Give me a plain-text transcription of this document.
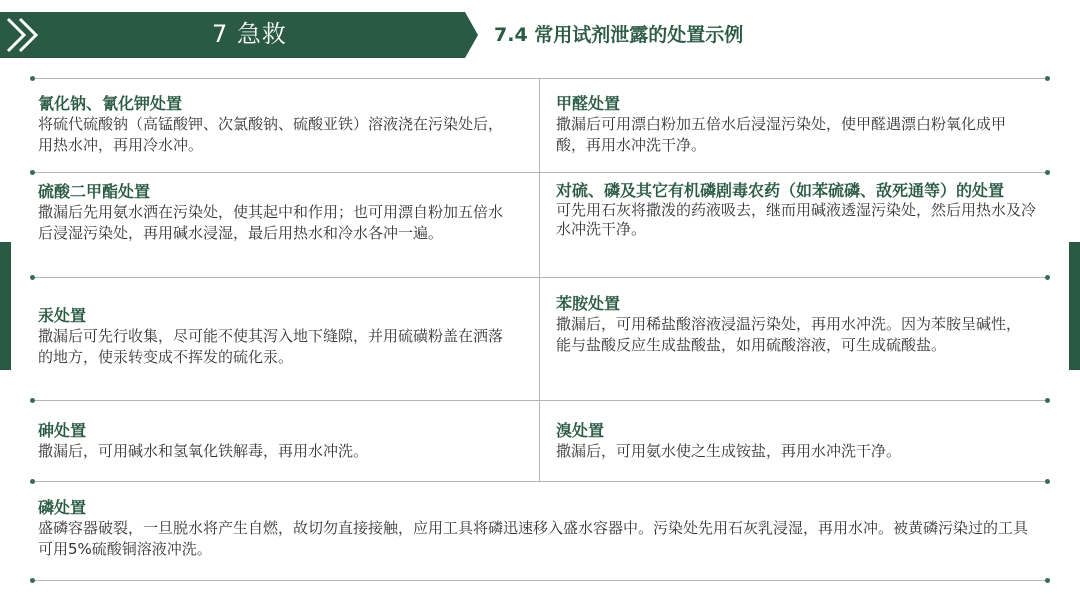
7 急救	7.4 常用试剂泄露的处置示例
氰化钠、氰化钾处置
将硫代硫酸钠（高锰酸钾、次氯酸钠、硫酸亚铁）溶液浇在污染处后，用热水冲，再用冷水冲。
甲醛处置
撒漏后可用漂白粉加五倍水后浸湿污染处，使甲醛遇漂白粉氧化成甲酸，再用水冲洗干净。
硫酸二甲酯处置
撒漏后先用氨水洒在污染处，使其起中和作用；也可用漂自粉加五倍水后浸湿污染处，再用碱水浸湿，最后用热水和冷水各冲一遍。
对硫、磷及其它有机磷剧毒农药（如苯硫磷、敌死通等）的处置
可先用石灰将撒泼的药液吸去，继而用碱液透湿污染处，然后用热水及冷水冲洗干净。
汞处置
撒漏后可先行收集，尽可能不使其泻入地下缝隙，并用硫磺粉盖在洒落的地方，使汞转变成不挥发的硫化汞。
苯胺处置
撒漏后，可用稀盐酸溶液浸温污染处，再用水冲洗。因为苯胺呈碱性，能与盐酸反应生成盐酸盐，如用硫酸溶液，可生成硫酸盐。
砷处置
撒漏后，可用碱水和氢氧化铁解毒，再用水冲洗。
溴处置
撒漏后，可用氨水使之生成铵盐，再用水冲洗干净。
磷处置
盛磷容器破裂，一旦脱水将产生自燃，故切勿直接接触，应用工具将磷迅速移入盛水容器中。污染处先用石灰乳浸湿，再用水冲。被黄磷污染过的工具可用5%硫酸铜溶液冲洗。
